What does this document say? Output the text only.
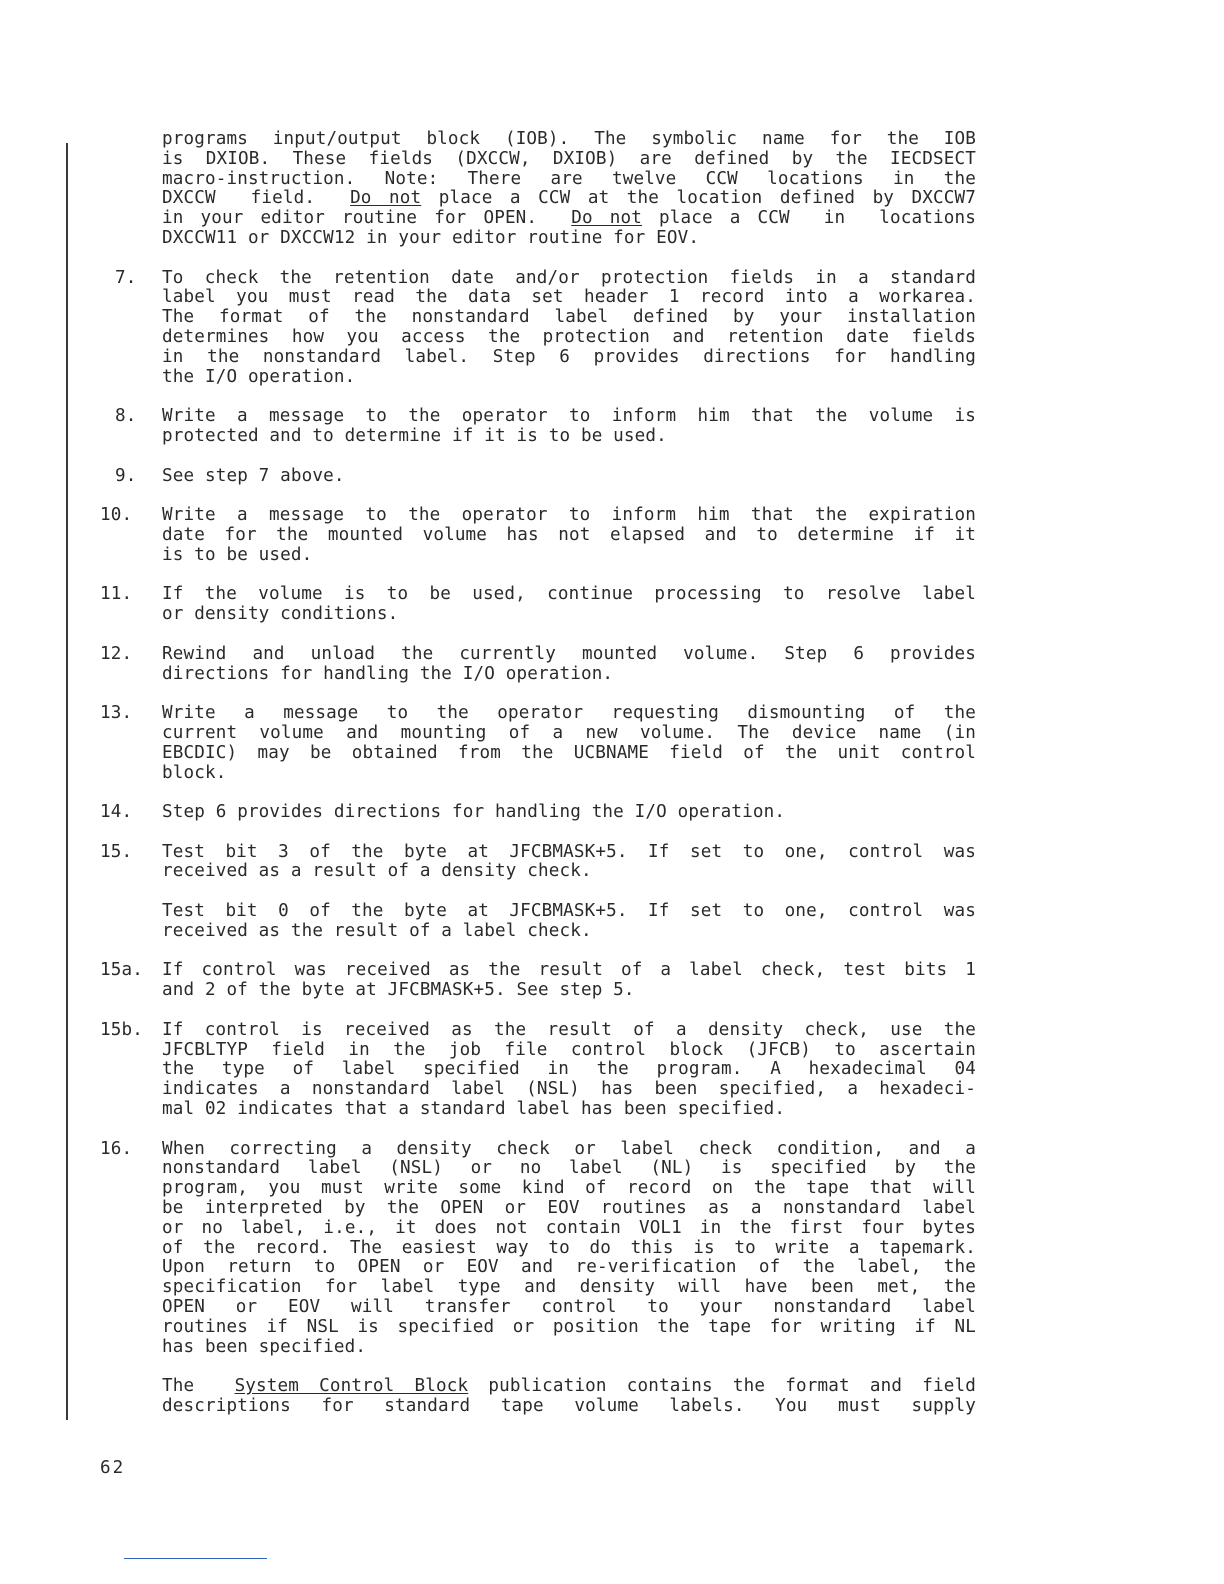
programs input/output block (IOB). The symbolic name for the IOB
is DXIOB. These fields (DXCCW, DXIOB) are defined by the IECDSECT
macro-instruction. Note: There are twelve CCW locations in the
DXCCW  field.  Do not place a CCW at the location defined by DXCCW7
in your editor routine for OPEN.  Do not place a CCW  in  locations
DXCCW11 or DXCCW12 in your editor routine for EOV.
7.	To check the retention date and/or protection fields in a standard
label you must read the data set header 1 record into a workarea.
The format of the nonstandard label defined by your installation
determines how you access the protection and retention date fields
in the nonstandard label. Step 6 provides directions for handling
the I/O operation.
8.	Write a message to the operator to inform him that the volume is
protected and to determine if it is to be used.
9.	See step 7 above.
10.	Write a message to the operator to inform him that the expiration
date for the mounted volume has not elapsed and to determine if it
is to be used.
11.	If the volume is to be used, continue processing to resolve label
or density conditions.
12.	Rewind and unload the currently mounted volume. Step 6 provides
directions for handling the I/O operation.
13.	Write a message to the operator requesting dismounting of the
current volume and mounting of a new volume. The device name (in
EBCDIC) may be obtained from the UCBNAME field of the unit control
block.
14.	Step 6 provides directions for handling the I/O operation.
15.	Test bit 3 of the byte at JFCBMASK+5. If set to one, control was
received as a result of a density check.
Test bit 0 of the byte at JFCBMASK+5. If set to one, control was
received as the result of a label check.
15a.	If control was received as the result of a label check, test bits 1
and 2 of the byte at JFCBMASK+5. See step 5.
15b.	If control is received as the result of a density check, use the
JFCBLTYP field in the job file control block (JFCB) to ascertain
the type of label specified in the program. A hexadecimal 04
indicates a nonstandard label (NSL) has been specified, a hexadeci-
mal 02 indicates that a standard label has been specified.
16.	When correcting a density check or label check condition, and a
nonstandard label (NSL) or no label (NL) is specified by the
program, you must write some kind of record on the tape that will
be interpreted by the OPEN or EOV routines as a nonstandard label
or no label, i.e., it does not contain VOL1 in the first four bytes
of the record. The easiest way to do this is to write a tapemark.
Upon return to OPEN or EOV and re-verification of the label, the
specification for label type and density will have been met, the
OPEN or EOV will transfer control to your nonstandard label
routines if NSL is specified or position the tape for writing if NL
has been specified.
The  System Control Block publication contains the format and field
descriptions for standard tape volume labels. You must supply
62
